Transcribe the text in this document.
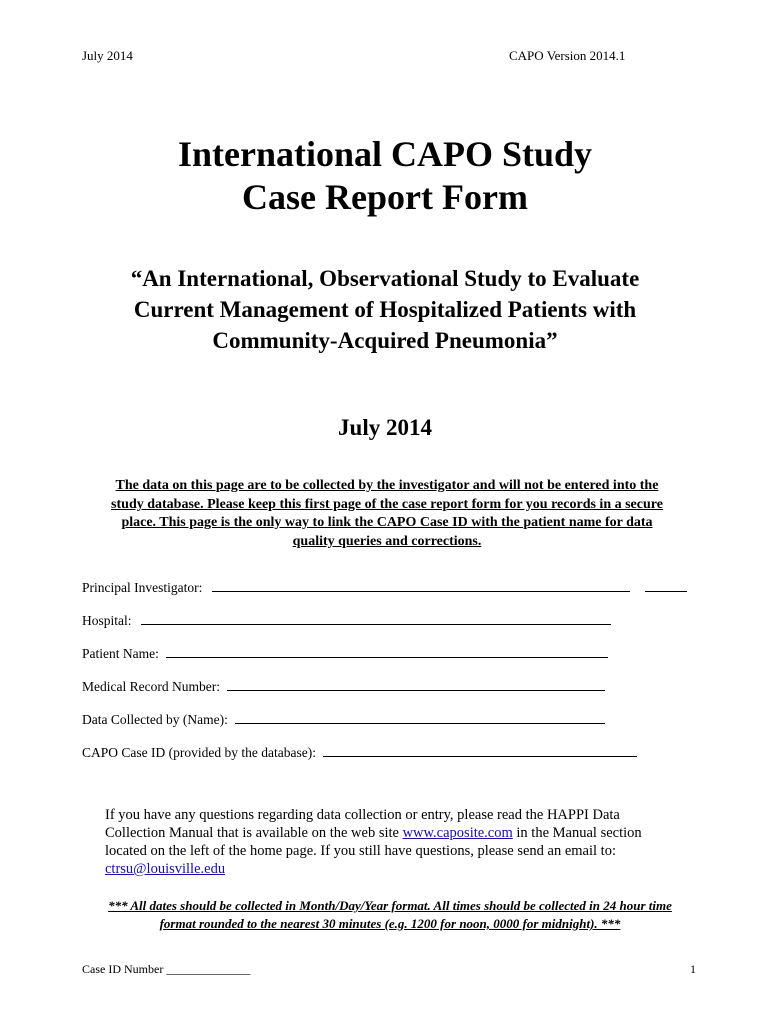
July 2014	CAPO Version 2014.1
International CAPO Study
Case Report Form
“An International, Observational Study to Evaluate
Current Management of Hospitalized Patients with
Community-Acquired Pneumonia”
July 2014
The data on this page are to be collected by the investigator and will not be entered into the
study database. Please keep this first page of the case report form for you records in a secure
place. This page is the only way to link the CAPO Case ID with the patient name for data
quality queries and corrections.
Principal Investigator:
Hospital:
Patient Name:
Medical Record Number:
Data Collected by (Name):
CAPO Case ID (provided by the database):
If you have any questions regarding data collection or entry, please read the HAPPI Data
Collection Manual that is available on the web site www.caposite.com in the Manual section
located on the left of the home page. If you still have questions, please send an email to:
ctrsu@louisville.edu
*** All dates should be collected in Month/Day/Year format. All times should be collected in 24 hour time
format rounded to the nearest 30 minutes (e.g. 1200 for noon, 0000 for midnight). ***
Case ID Number ______________	1
